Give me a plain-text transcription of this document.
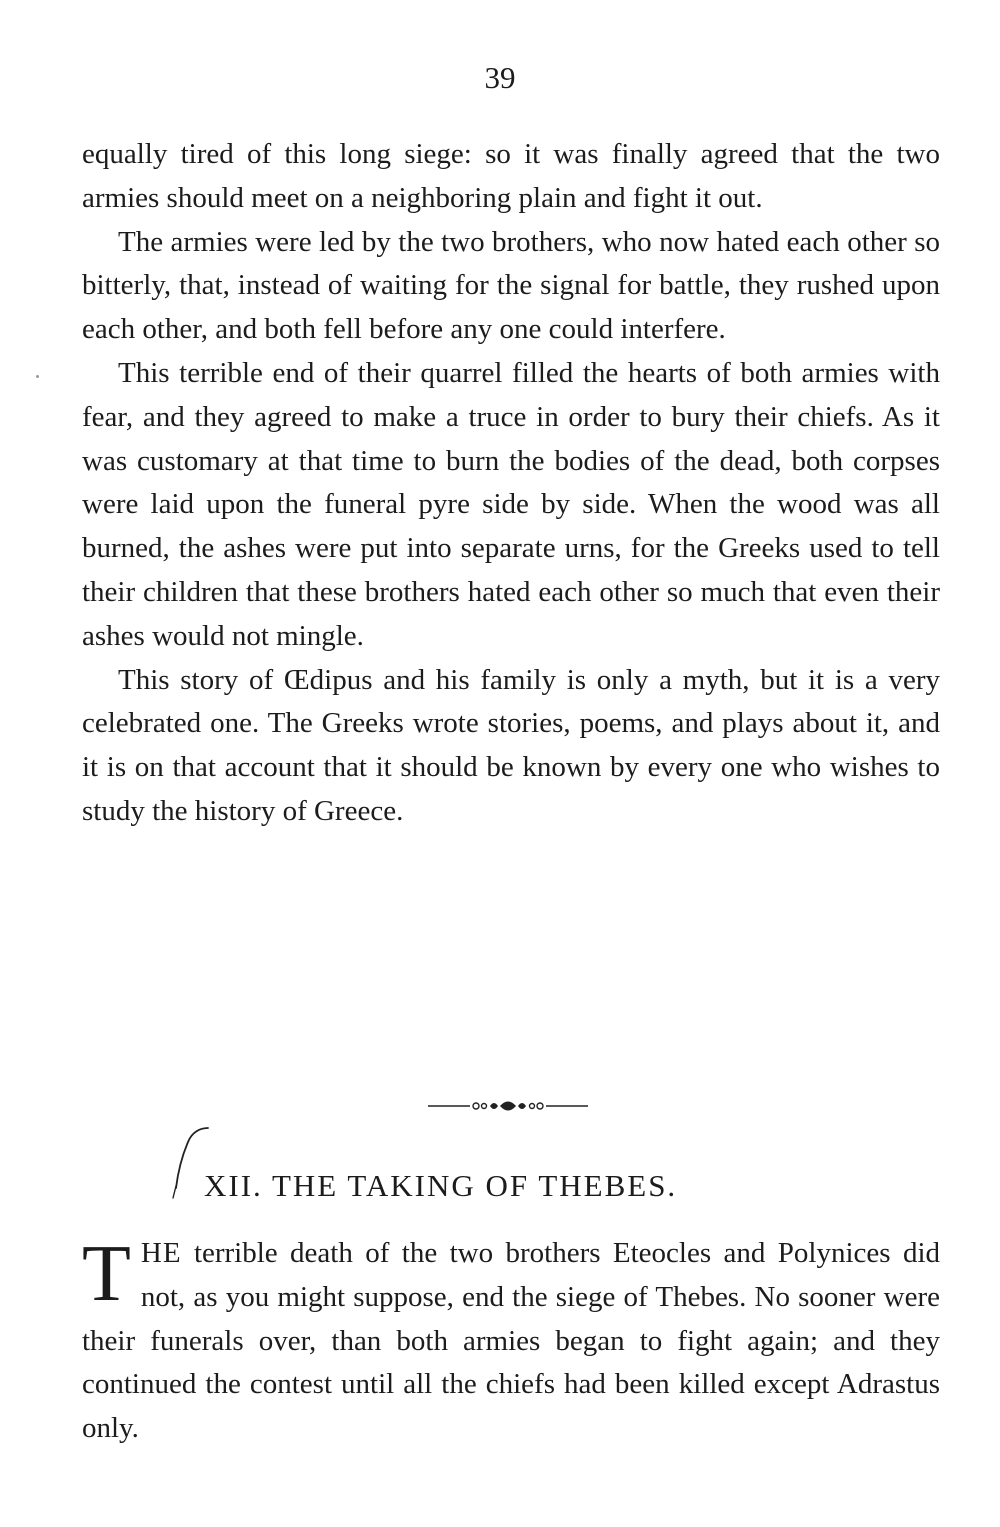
39

equally tired of this long siege: so it was finally agreed that the two armies should meet on a neighboring plain and fight it out.

The armies were led by the two brothers, who now hated each other so bitterly, that, instead of waiting for the signal for battle, they rushed upon each other, and both fell before any one could interfere.

This terrible end of their quarrel filled the hearts of both armies with fear, and they agreed to make a truce in order to bury their chiefs. As it was customary at that time to burn the bodies of the dead, both corpses were laid upon the funeral pyre side by side. When the wood was all burned, the ashes were put into separate urns, for the Greeks used to tell their children that these brothers hated each other so much that even their ashes would not mingle.

This story of Œdipus and his family is only a myth, but it is a very celebrated one. The Greeks wrote stories, poems, and plays about it, and it is on that account that it should be known by every one who wishes to study the history of Greece.

XII. THE TAKING OF THEBES.

THE terrible death of the two brothers Eteocles and Polynices did not, as you might suppose, end the siege of Thebes. No sooner were their funerals over, than both armies began to fight again; and they continued the contest until all the chiefs had been killed except Adrastus only.
